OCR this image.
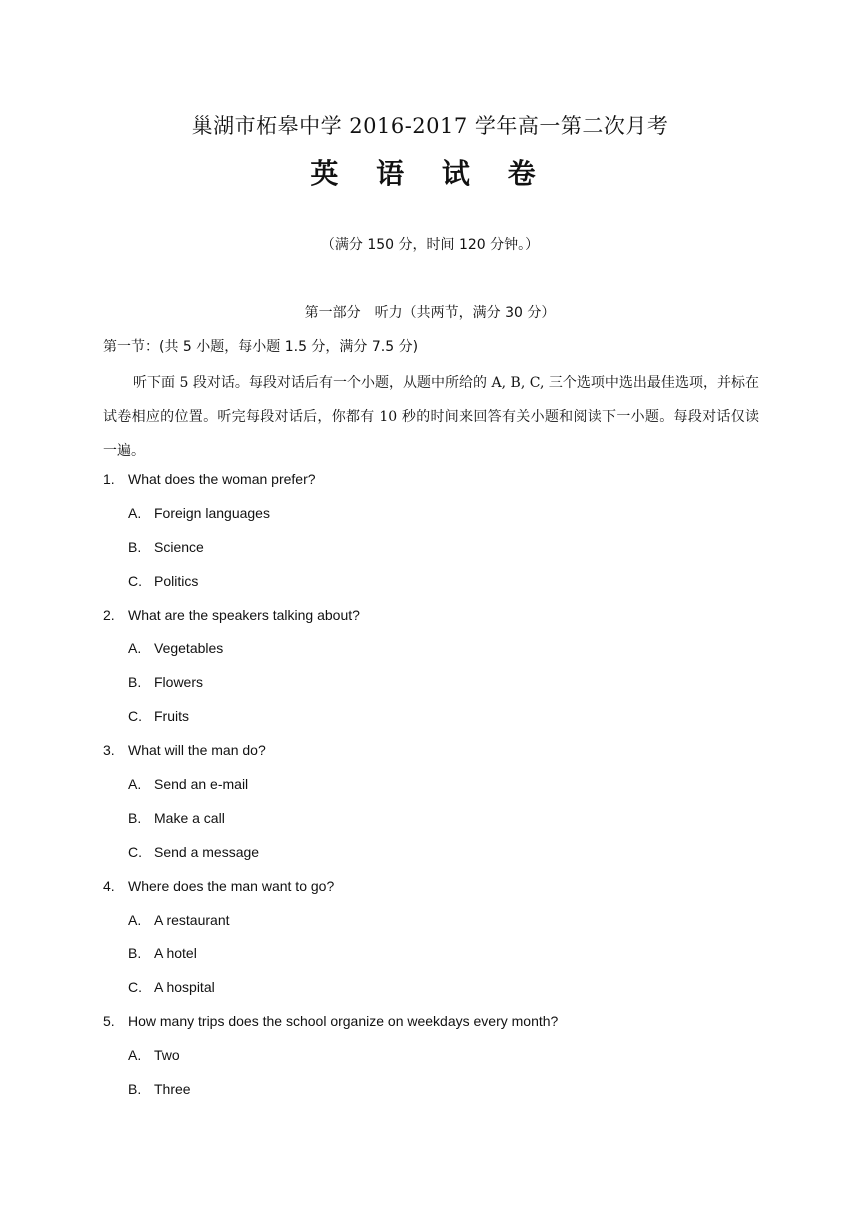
巢湖市柘皋中学 2016-2017 学年高一第二次月考
英 语 试 卷
（满分 150 分，时间 120 分钟。）
第一部分　听力（共两节，满分 30 分）
第一节：(共 5 小题，每小题 1.5 分，满分 7.5 分)
听下面 5 段对话。每段对话后有一个小题，从题中所给的 A, B, C, 三个选项中选出最佳选项，并标在试卷相应的位置。听完每段对话后，你都有 10 秒的时间来回答有关小题和阅读下一小题。每段对话仅读一遍。
1. What does the woman prefer?
A. Foreign languages
B. Science
C. Politics
2. What are the speakers talking about?
A. Vegetables
B. Flowers
C. Fruits
3. What will the man do?
A. Send an e-mail
B. Make a call
C. Send a message
4. Where does the man want to go?
A. A restaurant
B. A hotel
C. A hospital
5. How many trips does the school organize on weekdays every month?
A. Two
B. Three
